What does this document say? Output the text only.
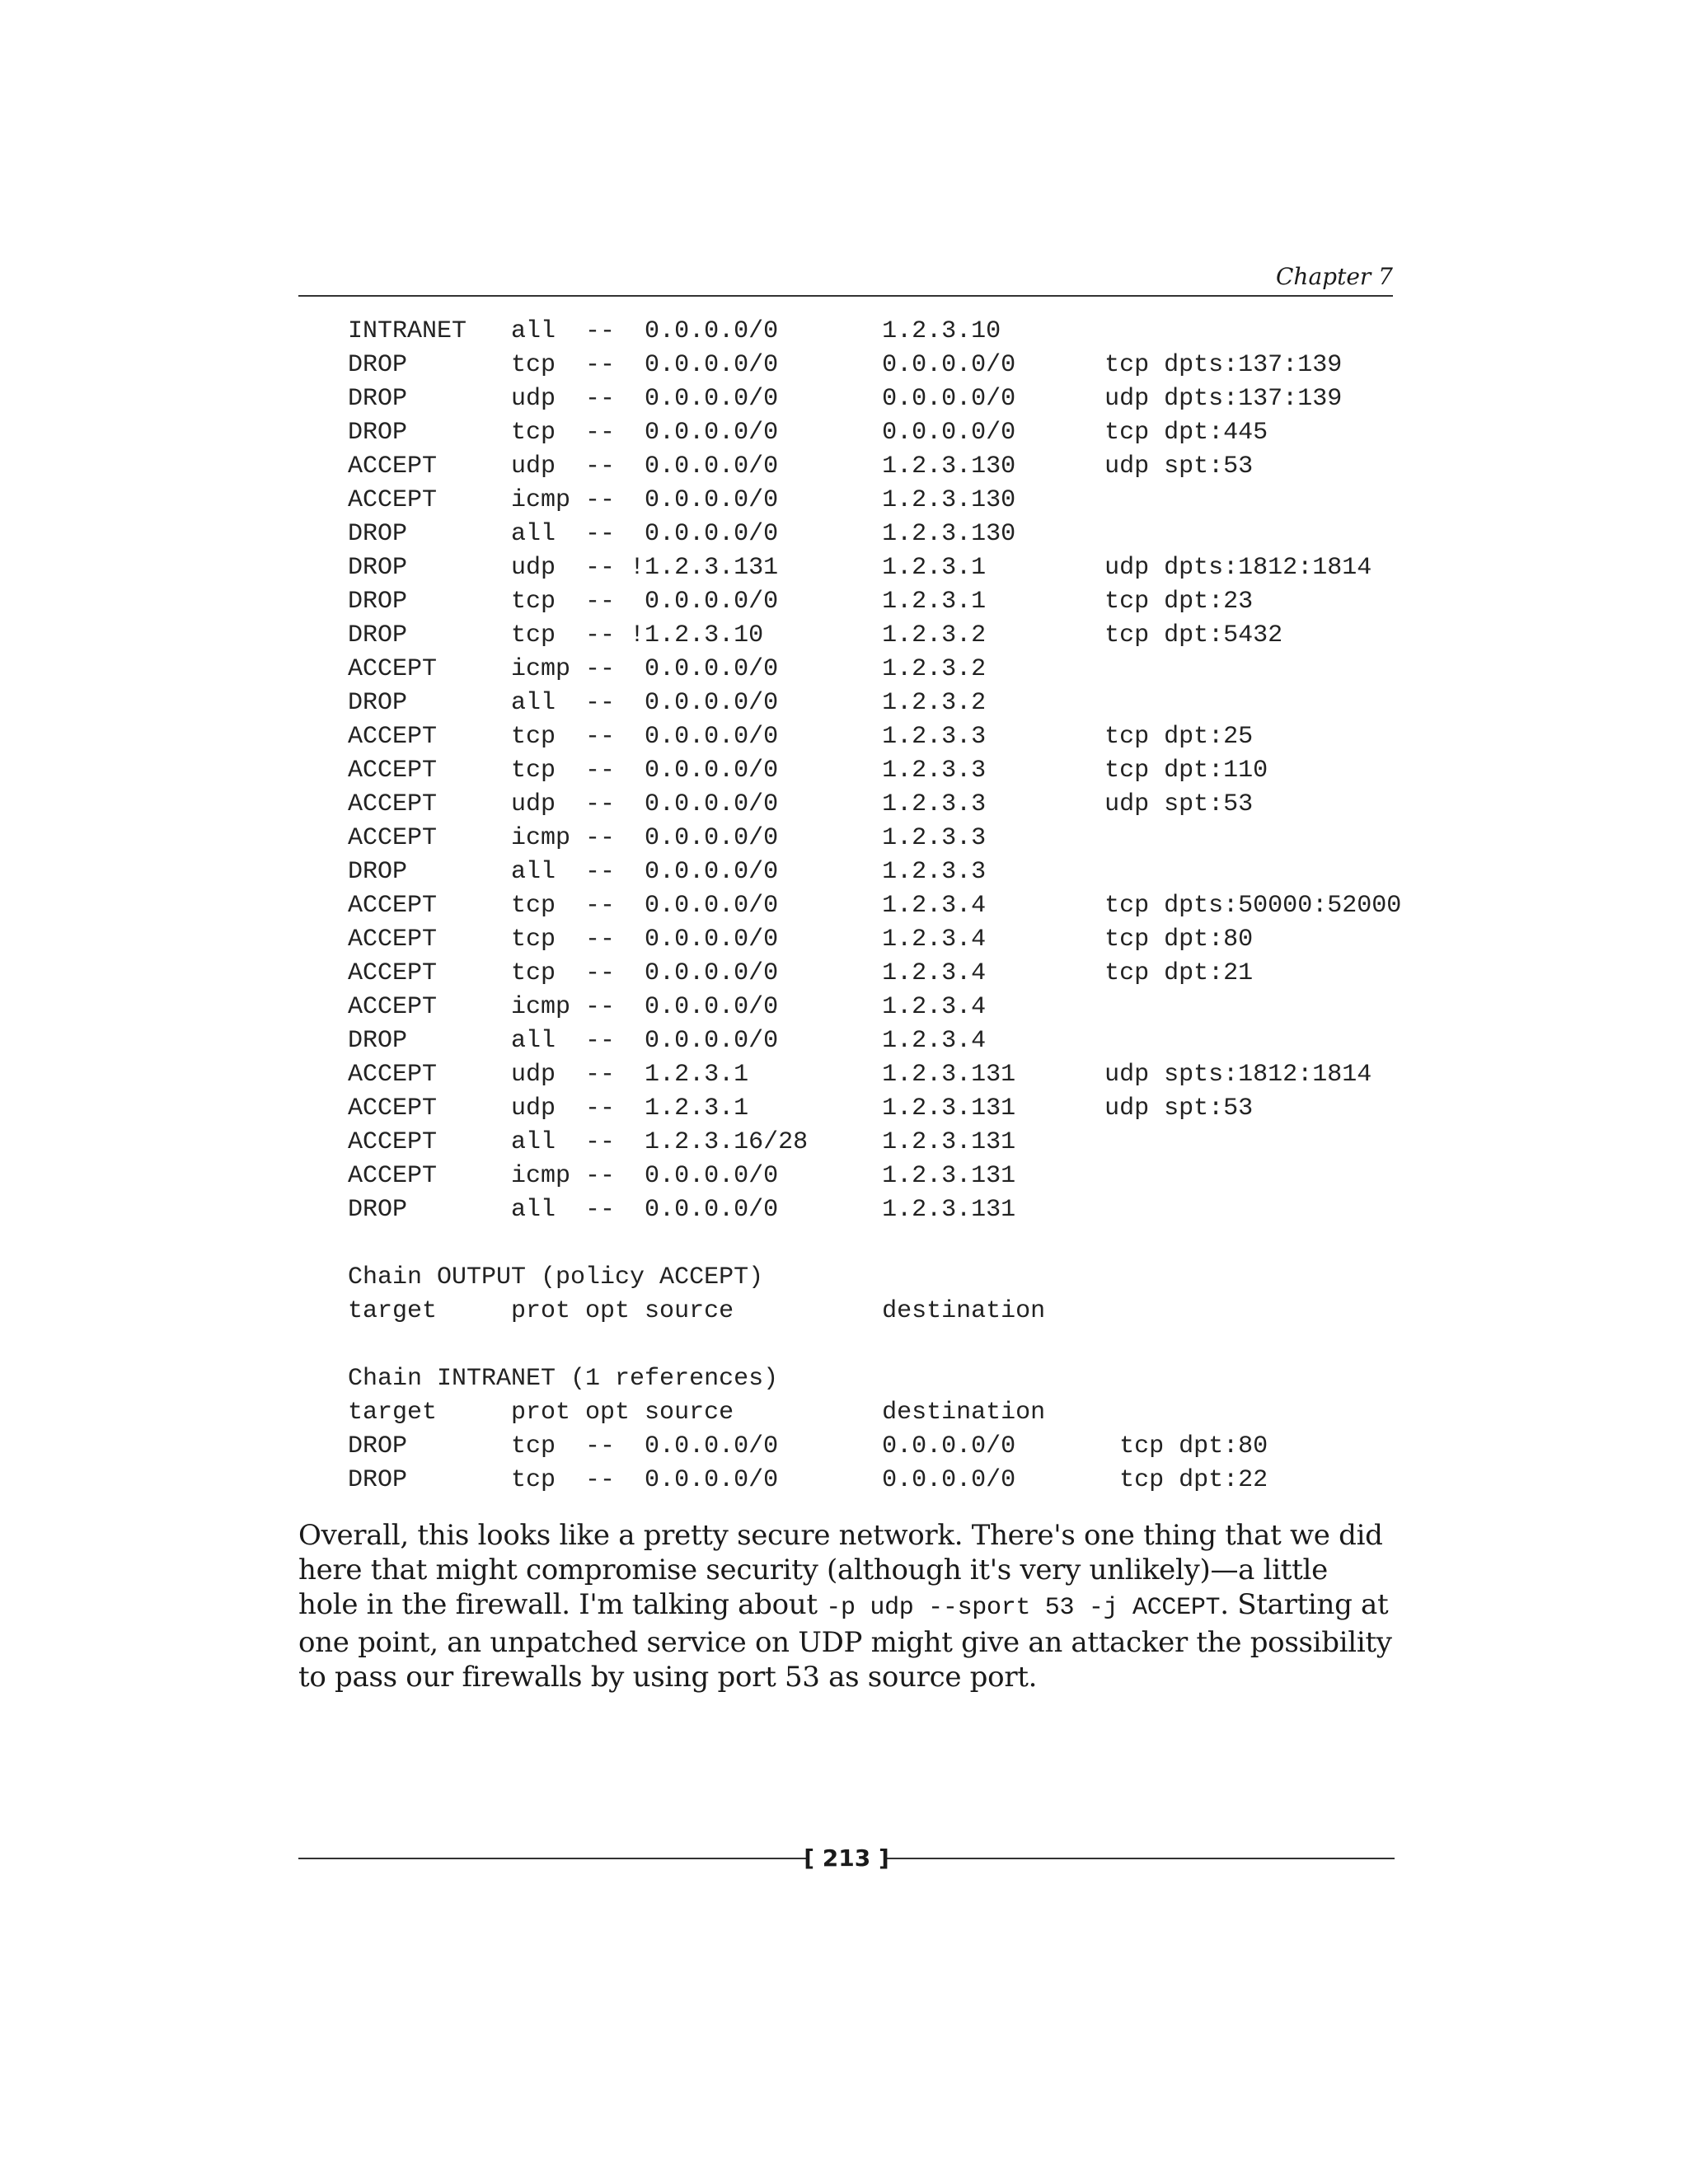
Chapter 7
INTRANET   all  --  0.0.0.0/0       1.2.3.10
DROP       tcp  --  0.0.0.0/0       0.0.0.0/0      tcp dpts:137:139
DROP       udp  --  0.0.0.0/0       0.0.0.0/0      udp dpts:137:139
DROP       tcp  --  0.0.0.0/0       0.0.0.0/0      tcp dpt:445
ACCEPT     udp  --  0.0.0.0/0       1.2.3.130      udp spt:53
ACCEPT     icmp --  0.0.0.0/0       1.2.3.130
DROP       all  --  0.0.0.0/0       1.2.3.130
DROP       udp  -- !1.2.3.131       1.2.3.1        udp dpts:1812:1814
DROP       tcp  --  0.0.0.0/0       1.2.3.1        tcp dpt:23
DROP       tcp  -- !1.2.3.10        1.2.3.2        tcp dpt:5432
ACCEPT     icmp --  0.0.0.0/0       1.2.3.2
DROP       all  --  0.0.0.0/0       1.2.3.2
ACCEPT     tcp  --  0.0.0.0/0       1.2.3.3        tcp dpt:25
ACCEPT     tcp  --  0.0.0.0/0       1.2.3.3        tcp dpt:110
ACCEPT     udp  --  0.0.0.0/0       1.2.3.3        udp spt:53
ACCEPT     icmp --  0.0.0.0/0       1.2.3.3
DROP       all  --  0.0.0.0/0       1.2.3.3
ACCEPT     tcp  --  0.0.0.0/0       1.2.3.4        tcp dpts:50000:52000
ACCEPT     tcp  --  0.0.0.0/0       1.2.3.4        tcp dpt:80
ACCEPT     tcp  --  0.0.0.0/0       1.2.3.4        tcp dpt:21
ACCEPT     icmp --  0.0.0.0/0       1.2.3.4
DROP       all  --  0.0.0.0/0       1.2.3.4
ACCEPT     udp  --  1.2.3.1         1.2.3.131      udp spts:1812:1814
ACCEPT     udp  --  1.2.3.1         1.2.3.131      udp spt:53
ACCEPT     all  --  1.2.3.16/28     1.2.3.131
ACCEPT     icmp --  0.0.0.0/0       1.2.3.131
DROP       all  --  0.0.0.0/0       1.2.3.131
Chain OUTPUT (policy ACCEPT)
target     prot opt source          destination
Chain INTRANET (1 references)
target     prot opt source          destination
DROP       tcp  --  0.0.0.0/0       0.0.0.0/0       tcp dpt:80
DROP       tcp  --  0.0.0.0/0       0.0.0.0/0       tcp dpt:22

Overall, this looks like a pretty secure network. There's one thing that we did here that might compromise security (although it's very unlikely)—a little hole in the firewall. I'm talking about -p udp --sport 53 -j ACCEPT. Starting at one point, an unpatched service on UDP might give an attacker the possibility to pass our firewalls by using port 53 as source port.

[ 213 ]
